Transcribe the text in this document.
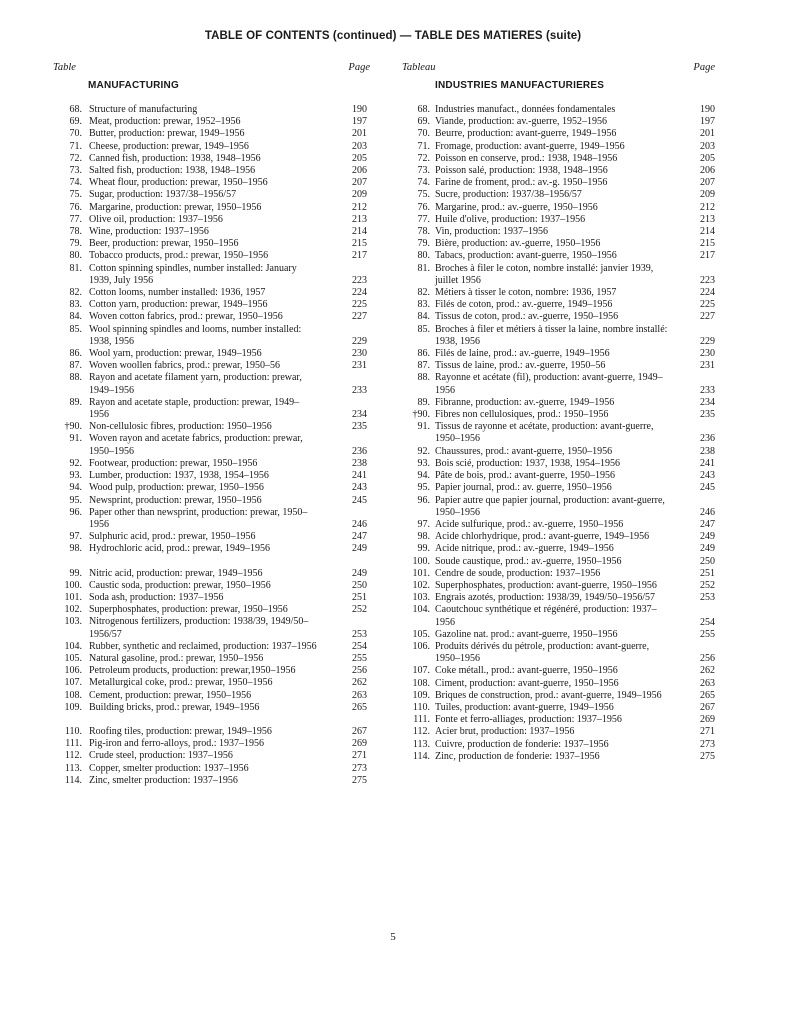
TABLE OF CONTENTS (continued) — TABLE DES MATIERES (suite)
Table	Page
MANUFACTURING
68. Structure of manufacturing	190
69. Meat, production: prewar, 1952–1956	197
70. Butter, production: prewar, 1949–1956	201
71. Cheese, production: prewar, 1949–1956	203
72. Canned fish, production: 1938, 1948–1956	205
73. Salted fish, production: 1938, 1948–1956	206
74. Wheat flour, production: prewar, 1950–1956	207
75. Sugar, production: 1937/38–1956/57	209
76. Margarine, production: prewar, 1950–1956	212
77. Olive oil, production: 1937–1956	213
78. Wine, production: 1937–1956	214
79. Beer, production: prewar, 1950–1956	215
80. Tobacco products, prod.: prewar, 1950–1956	217
81. Cotton spinning spindles, number installed: January 1939, July 1956	223
82. Cotton looms, number installed: 1936, 1957	224
83. Cotton yarn, production: prewar, 1949–1956	225
84. Woven cotton fabrics, prod.: prewar, 1950–1956	227
85. Wool spinning spindles and looms, number installed: 1938, 1956	229
86. Wool yarn, production: prewar, 1949–1956	230
87. Woven woollen fabrics, prod.: prewar, 1950–56	231
88. Rayon and acetate filament yarn, production: prewar, 1949–1956	233
89. Rayon and acetate staple, production: prewar, 1949–1956	234
†90. Non-cellulosic fibres, production: 1950–1956	235
91. Woven rayon and acetate fabrics, production: prewar, 1950–1956	236
92. Footwear, production: prewar, 1950–1956	238
93. Lumber, production: 1937, 1938, 1954–1956	241
94. Wood pulp, production: prewar, 1950–1956	243
95. Newsprint, production: prewar, 1950–1956	245
96. Paper other than newsprint, production: prewar, 1950–1956	246
97. Sulphuric acid, prod.: prewar, 1950–1956	247
98. Hydrochloric acid, prod.: prewar, 1949–1956	249
99. Nitric acid, production: prewar, 1949–1956	249
100. Caustic soda, production: prewar, 1950–1956	250
101. Soda ash, production: 1937–1956	251
102. Superphosphates, production: prewar, 1950–1956	252
103. Nitrogenous fertilizers, production: 1938/39, 1949/50–1956/57	253
104. Rubber, synthetic and reclaimed, production: 1937–1956	254
105. Natural gasoline, prod.: prewar, 1950–1956	255
106. Petroleum products, production: prewar,1950–1956	256
107. Metallurgical coke, prod.: prewar, 1950–1956	262
108. Cement, production: prewar, 1950–1956	263
109. Building bricks, prod.: prewar, 1949–1956	265
110. Roofing tiles, production: prewar, 1949–1956	267
111. Pig-iron and ferro-alloys, prod.: 1937–1956	269
112. Crude steel, production: 1937–1956	271
113. Copper, smelter production: 1937–1956	273
114. Zinc, smelter production: 1937–1956	275
Tableau	Page
INDUSTRIES MANUFACTURIERES
68. Industries manufact., données fondamentales	190
69. Viande, production: av.-guerre, 1952–1956	197
70. Beurre, production: avant-guerre, 1949–1956	201
71. Fromage, production: avant-guerre, 1949–1956	203
72. Poisson en conserve, prod.: 1938, 1948–1956	205
73. Poisson salé, production: 1938, 1948–1956	206
74. Farine de froment, prod.: av.-g. 1950–1956	207
75. Sucre, production: 1937/38–1956/57	209
76. Margarine, prod.: av.-guerre, 1950–1956	212
77. Huile d'olive, production: 1937–1956	213
78. Vin, production: 1937–1956	214
79. Bière, production: av.-guerre, 1950–1956	215
80. Tabacs, production: avant-guerre, 1950–1956	217
81. Broches à filer le coton, nombre installé: janvier 1939, juillet 1956	223
82. Métiers à tisser le coton, nombre: 1936, 1957	224
83. Filés de coton, prod.: av.-guerre, 1949–1956	225
84. Tissus de coton, prod.: av.-guerre, 1950–1956	227
85. Broches à filer et métiers à tisser la laine, nombre installé: 1938, 1956	229
86. Filés de laine, prod.: av.-guerre, 1949–1956	230
87. Tissus de laine, prod.: av.-guerre, 1950–56	231
88. Rayonne et acétate (fil), production: avant-guerre, 1949–1956	233
89. Fibranne, production: av.-guerre, 1949–1956	234
†90. Fibres non cellulosiques, prod.: 1950–1956	235
91. Tissus de rayonne et acétate, production: avant-guerre, 1950–1956	236
92. Chaussures, prod.: avant-guerre, 1950–1956	238
93. Bois scié, production: 1937, 1938, 1954–1956	241
94. Pâte de bois, prod.: avant-guerre, 1950–1956	243
95. Papier journal, prod.: av. guerre, 1950–1956	245
96. Papier autre que papier journal, production: avant-guerre, 1950–1956	246
97. Acide sulfurique, prod.: av.-guerre, 1950–1956	247
98. Acide chlorhydrique, prod.: avant-guerre, 1949–1956	249
99. Acide nitrique, prod.: av.-guerre, 1949–1956	249
100. Soude caustique, prod.: av.-guerre, 1950–1956	250
101. Cendre de soude, production: 1937–1956	251
102. Superphosphates, production: avant-guerre, 1950–1956	252
103. Engrais azotés, production: 1938/39, 1949/50–1956/57	253
104. Caoutchouc synthétique et régénéré, production: 1937–1956	254
105. Gazoline nat. prod.: avant-guerre, 1950–1956	255
106. Produits dérivés du pétrole, production: avant-guerre, 1950–1956	256
107. Coke métall., prod.: avant-guerre, 1950–1956	262
108. Ciment, production: avant-guerre, 1950–1956	263
109. Briques de construction, prod.: avant-guerre, 1949–1956	265
110. Tuiles, production: avant-guerre, 1949–1956	267
111. Fonte et ferro-alliages, production: 1937–1956	269
112. Acier brut, production: 1937–1956	271
113. Cuivre, production de fonderie: 1937–1956	273
114. Zinc, production de fonderie: 1937–1956	275
5
